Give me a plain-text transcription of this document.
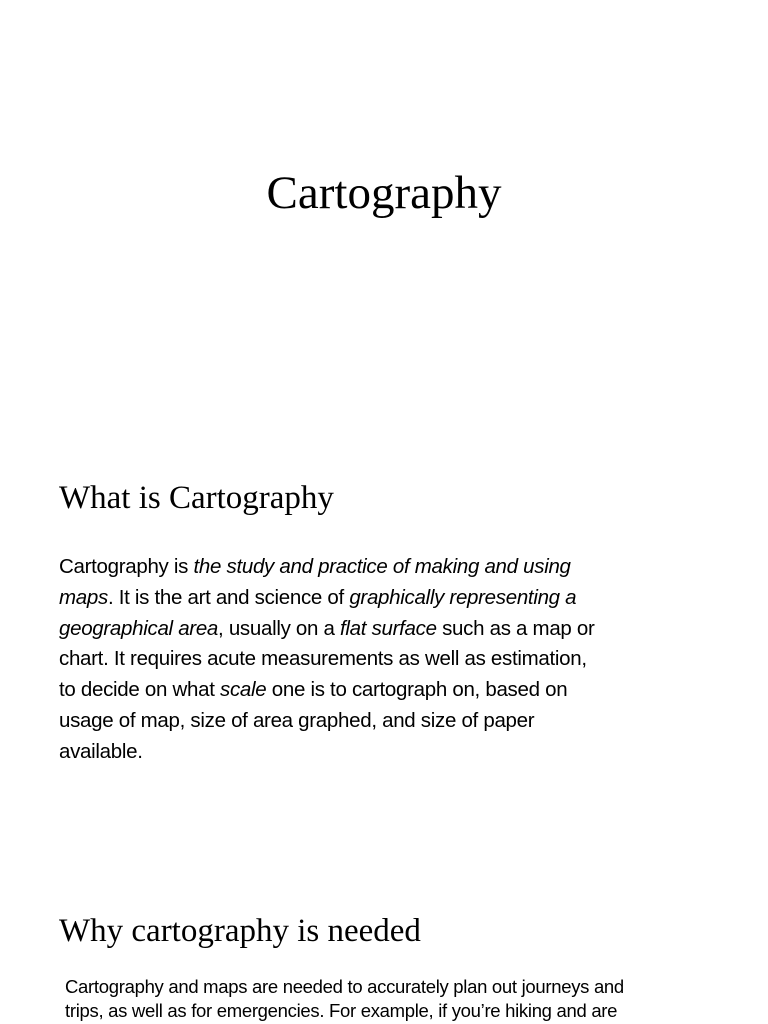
Cartography
What is Cartography
Cartography is the study and practice of making and using
maps. It is the art and science of graphically representing a
geographical area, usually on a flat surface such as a map or
chart. It requires acute measurements as well as estimation,
to decide on what scale one is to cartograph on, based on
usage of map, size of area graphed, and size of paper
available.
Why cartography is needed
Cartography and maps are needed to accurately plan out journeys and
trips, as well as for emergencies. For example, if you’re hiking and are
